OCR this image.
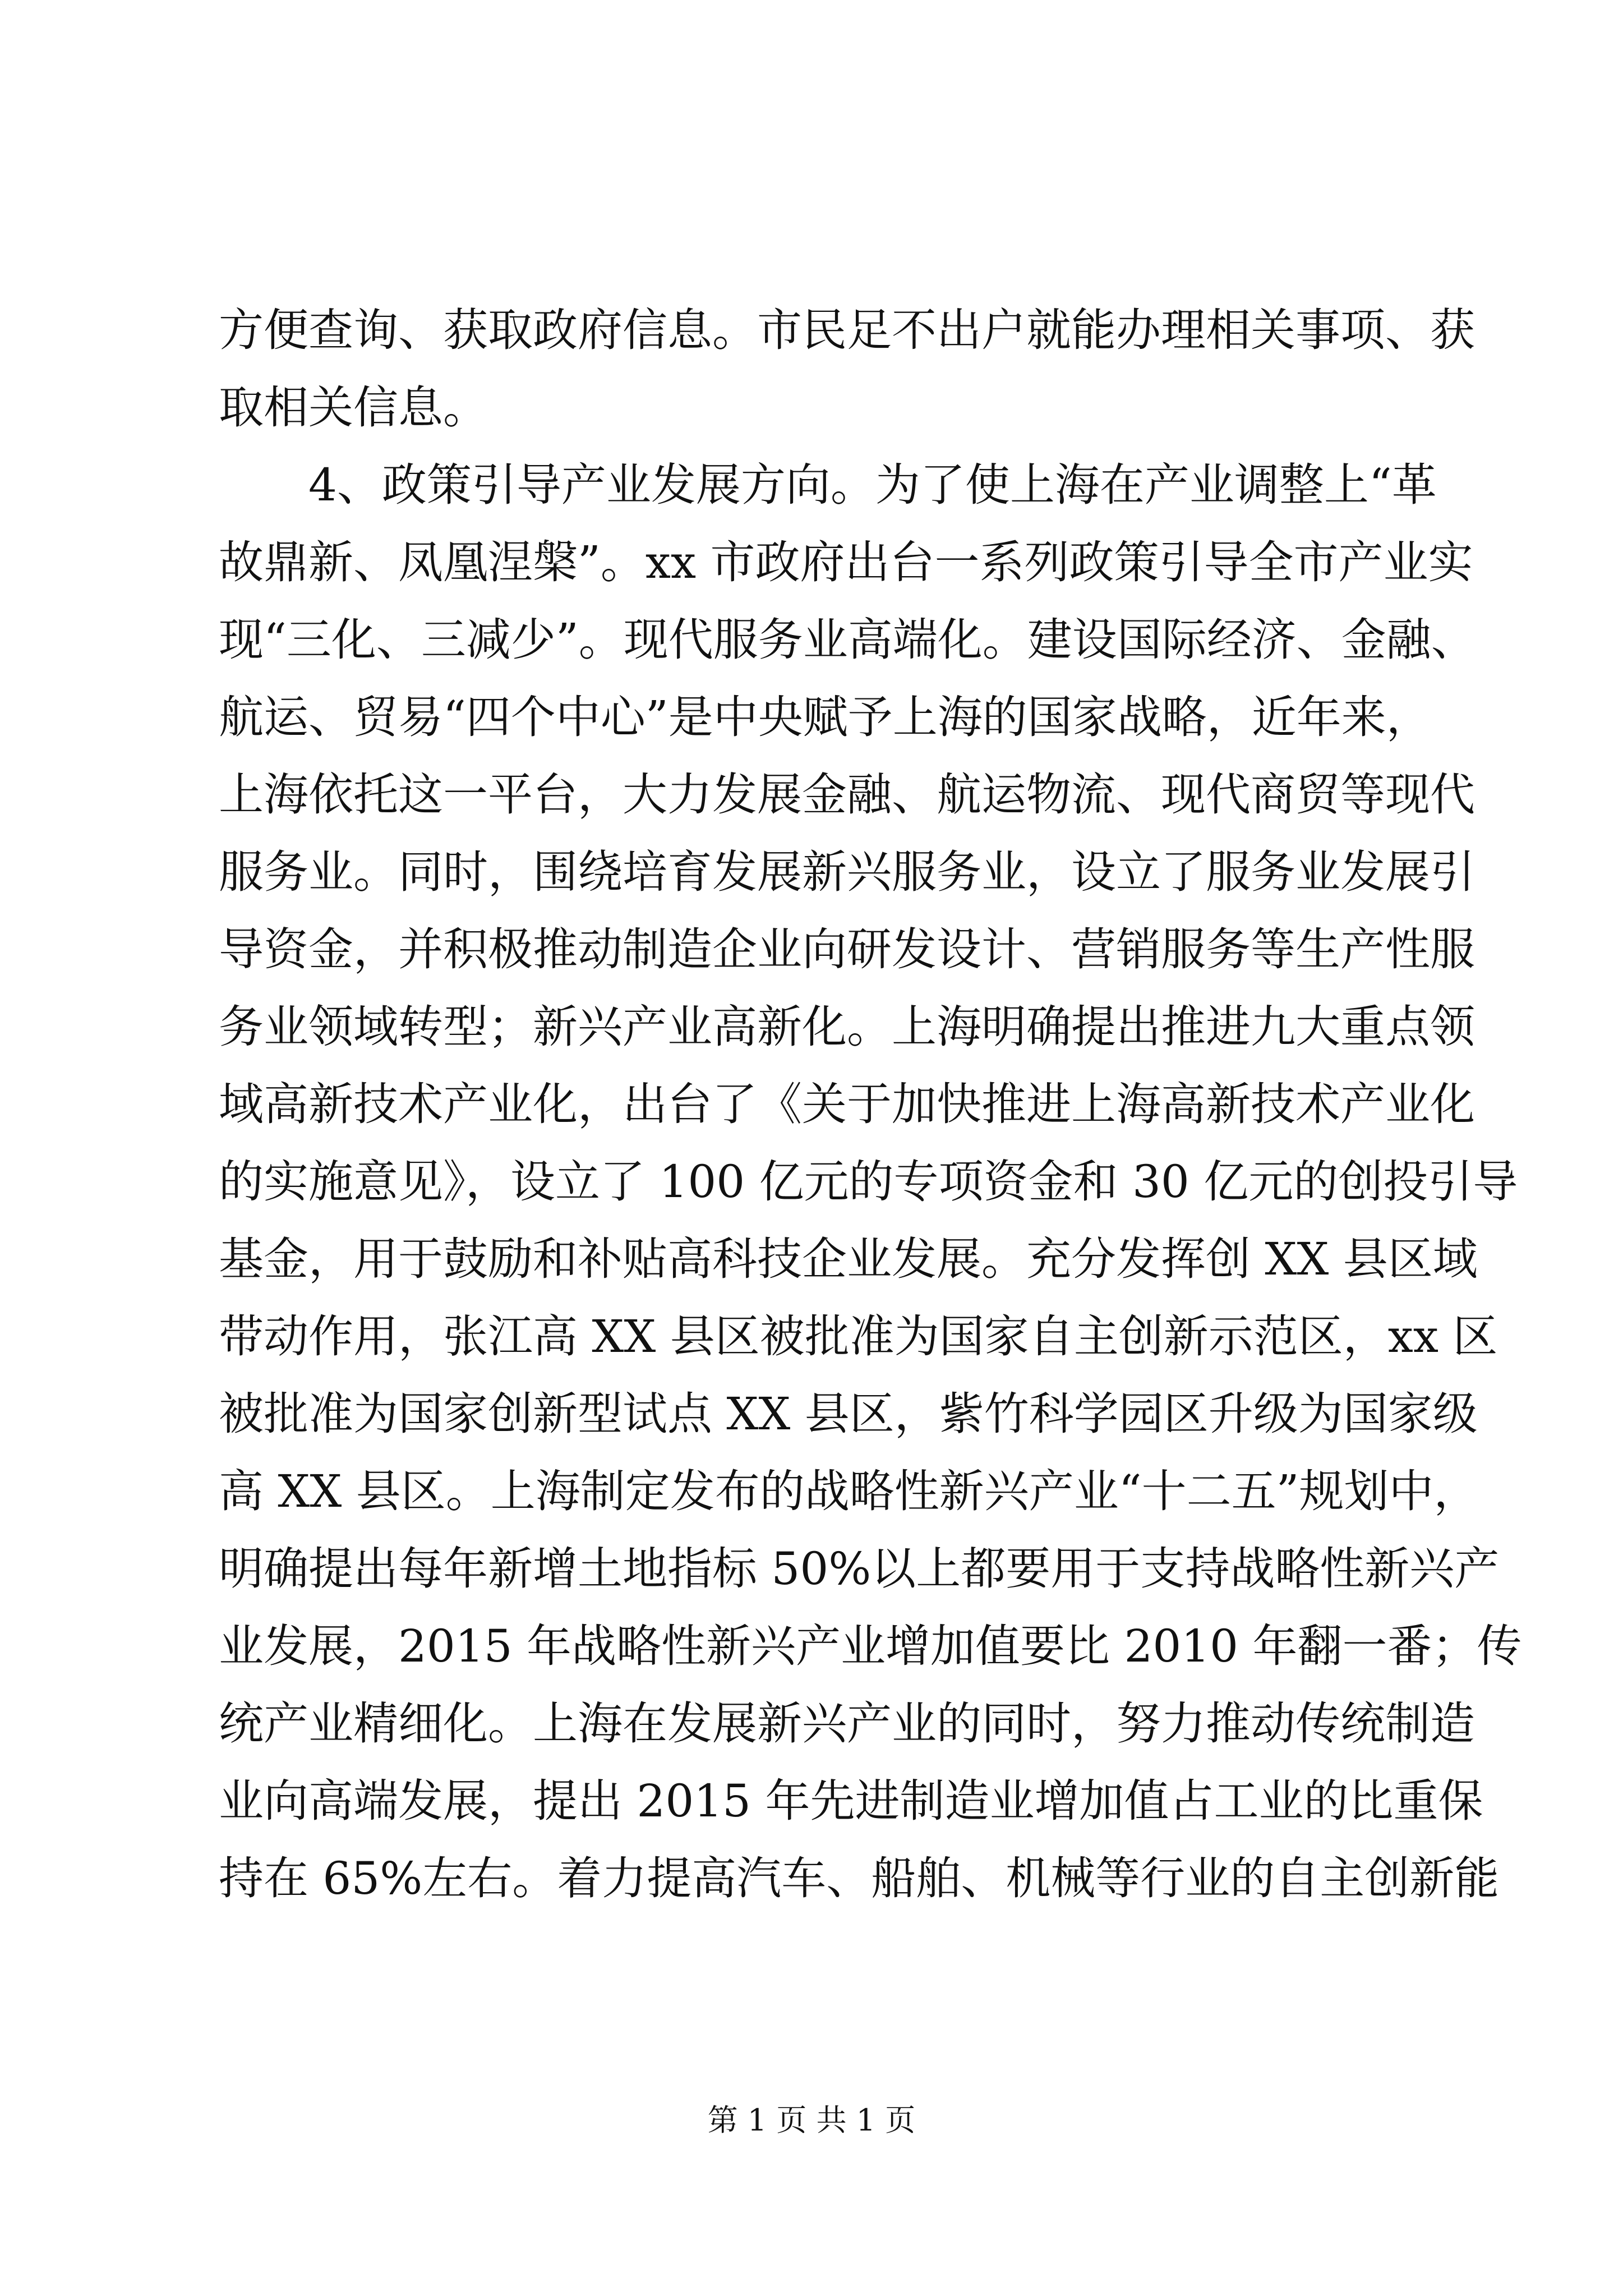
方便查询、获取政府信息。市民足不出户就能办理相关事项、获
取相关信息。
4、政策引导产业发展方向。为了使上海在产业调整上“革
故鼎新、凤凰涅槃”。xx 市政府出台一系列政策引导全市产业实
现“三化、三减少”。现代服务业高端化。建设国际经济、金融、
航运、贸易“四个中心”是中央赋予上海的国家战略，近年来，
上海依托这一平台，大力发展金融、航运物流、现代商贸等现代
服务业。同时，围绕培育发展新兴服务业，设立了服务业发展引
导资金，并积极推动制造企业向研发设计、营销服务等生产性服
务业领域转型；新兴产业高新化。上海明确提出推进九大重点领
域高新技术产业化，出台了《关于加快推进上海高新技术产业化
的实施意见》，设立了 100 亿元的专项资金和 30 亿元的创投引导
基金，用于鼓励和补贴高科技企业发展。充分发挥创 XX 县区域
带动作用，张江高 XX 县区被批准为国家自主创新示范区，xx 区
被批准为国家创新型试点 XX 县区，紫竹科学园区升级为国家级
高 XX 县区。上海制定发布的战略性新兴产业“十二五”规划中，
明确提出每年新增土地指标 50%以上都要用于支持战略性新兴产
业发展，2015 年战略性新兴产业增加值要比 2010 年翻一番；传
统产业精细化。上海在发展新兴产业的同时，努力推动传统制造
业向高端发展，提出 2015 年先进制造业增加值占工业的比重保
持在 65%左右。着力提高汽车、船舶、机械等行业的自主创新能
第 1 页 共 1 页
